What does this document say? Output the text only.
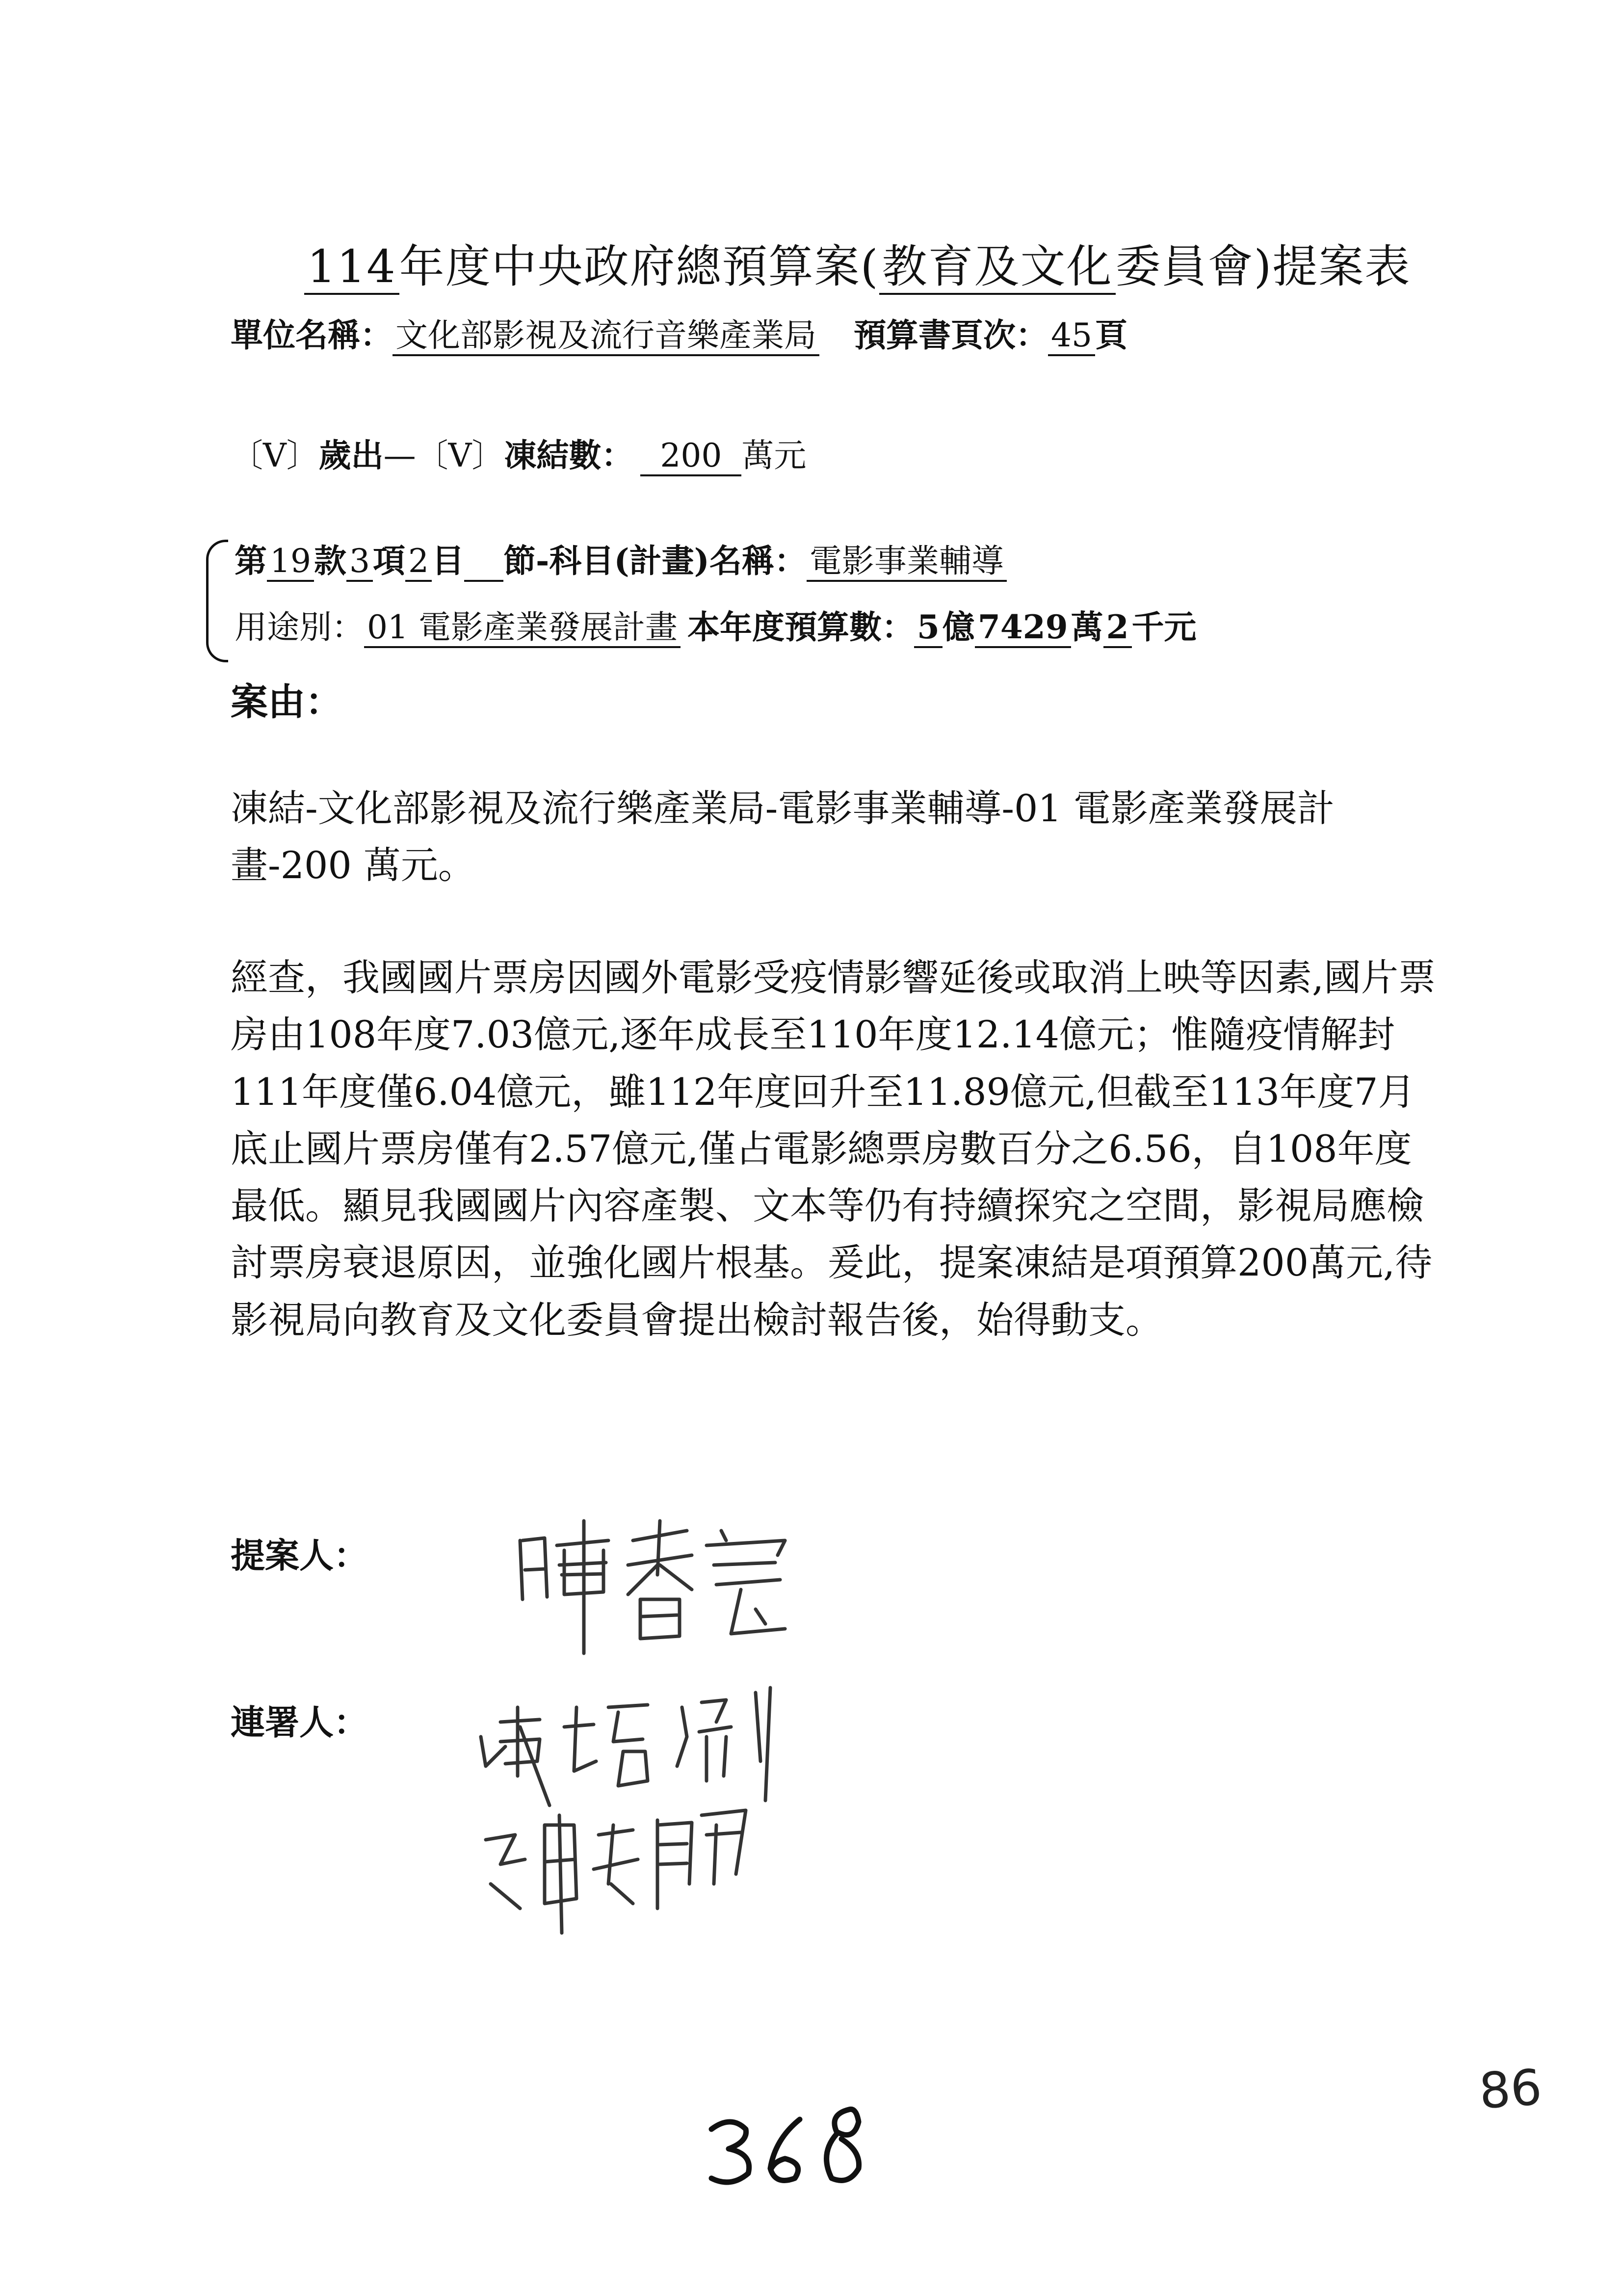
114年度中央政府總預算案(教育及文化委員會)提案表
單位名稱：文化部影視及流行音樂產業局 預算書頁次：45頁
〔V〕歲出—〔V〕凍結數： 200 萬元
第19款3項2目 節-科目(計畫)名稱：電影事業輔導
用途別：01 電影產業發展計畫 本年度預算數：5億7429萬2千元
案由：
凍結-文化部影視及流行樂產業局-電影事業輔導-01 電影產業發展計畫-200 萬元。
經查，我國國片票房因國外電影受疫情影響延後或取消上映等因素,國片票房由108年度7.03億元,逐年成長至110年度12.14億元；惟隨疫情解封111年度僅6.04億元，雖112年度回升至11.89億元,但截至113年度7月底止國片票房僅有2.57億元,僅占電影總票房數百分之6.56，自108年度最低。顯見我國國片內容產製、文本等仍有持續探究之空間，影視局應檢討票房衰退原因，並強化國片根基。爰此，提案凍結是項預算200萬元,待影視局向教育及文化委員會提出檢討報告後，始得動支。
提案人：
連署人：
86
